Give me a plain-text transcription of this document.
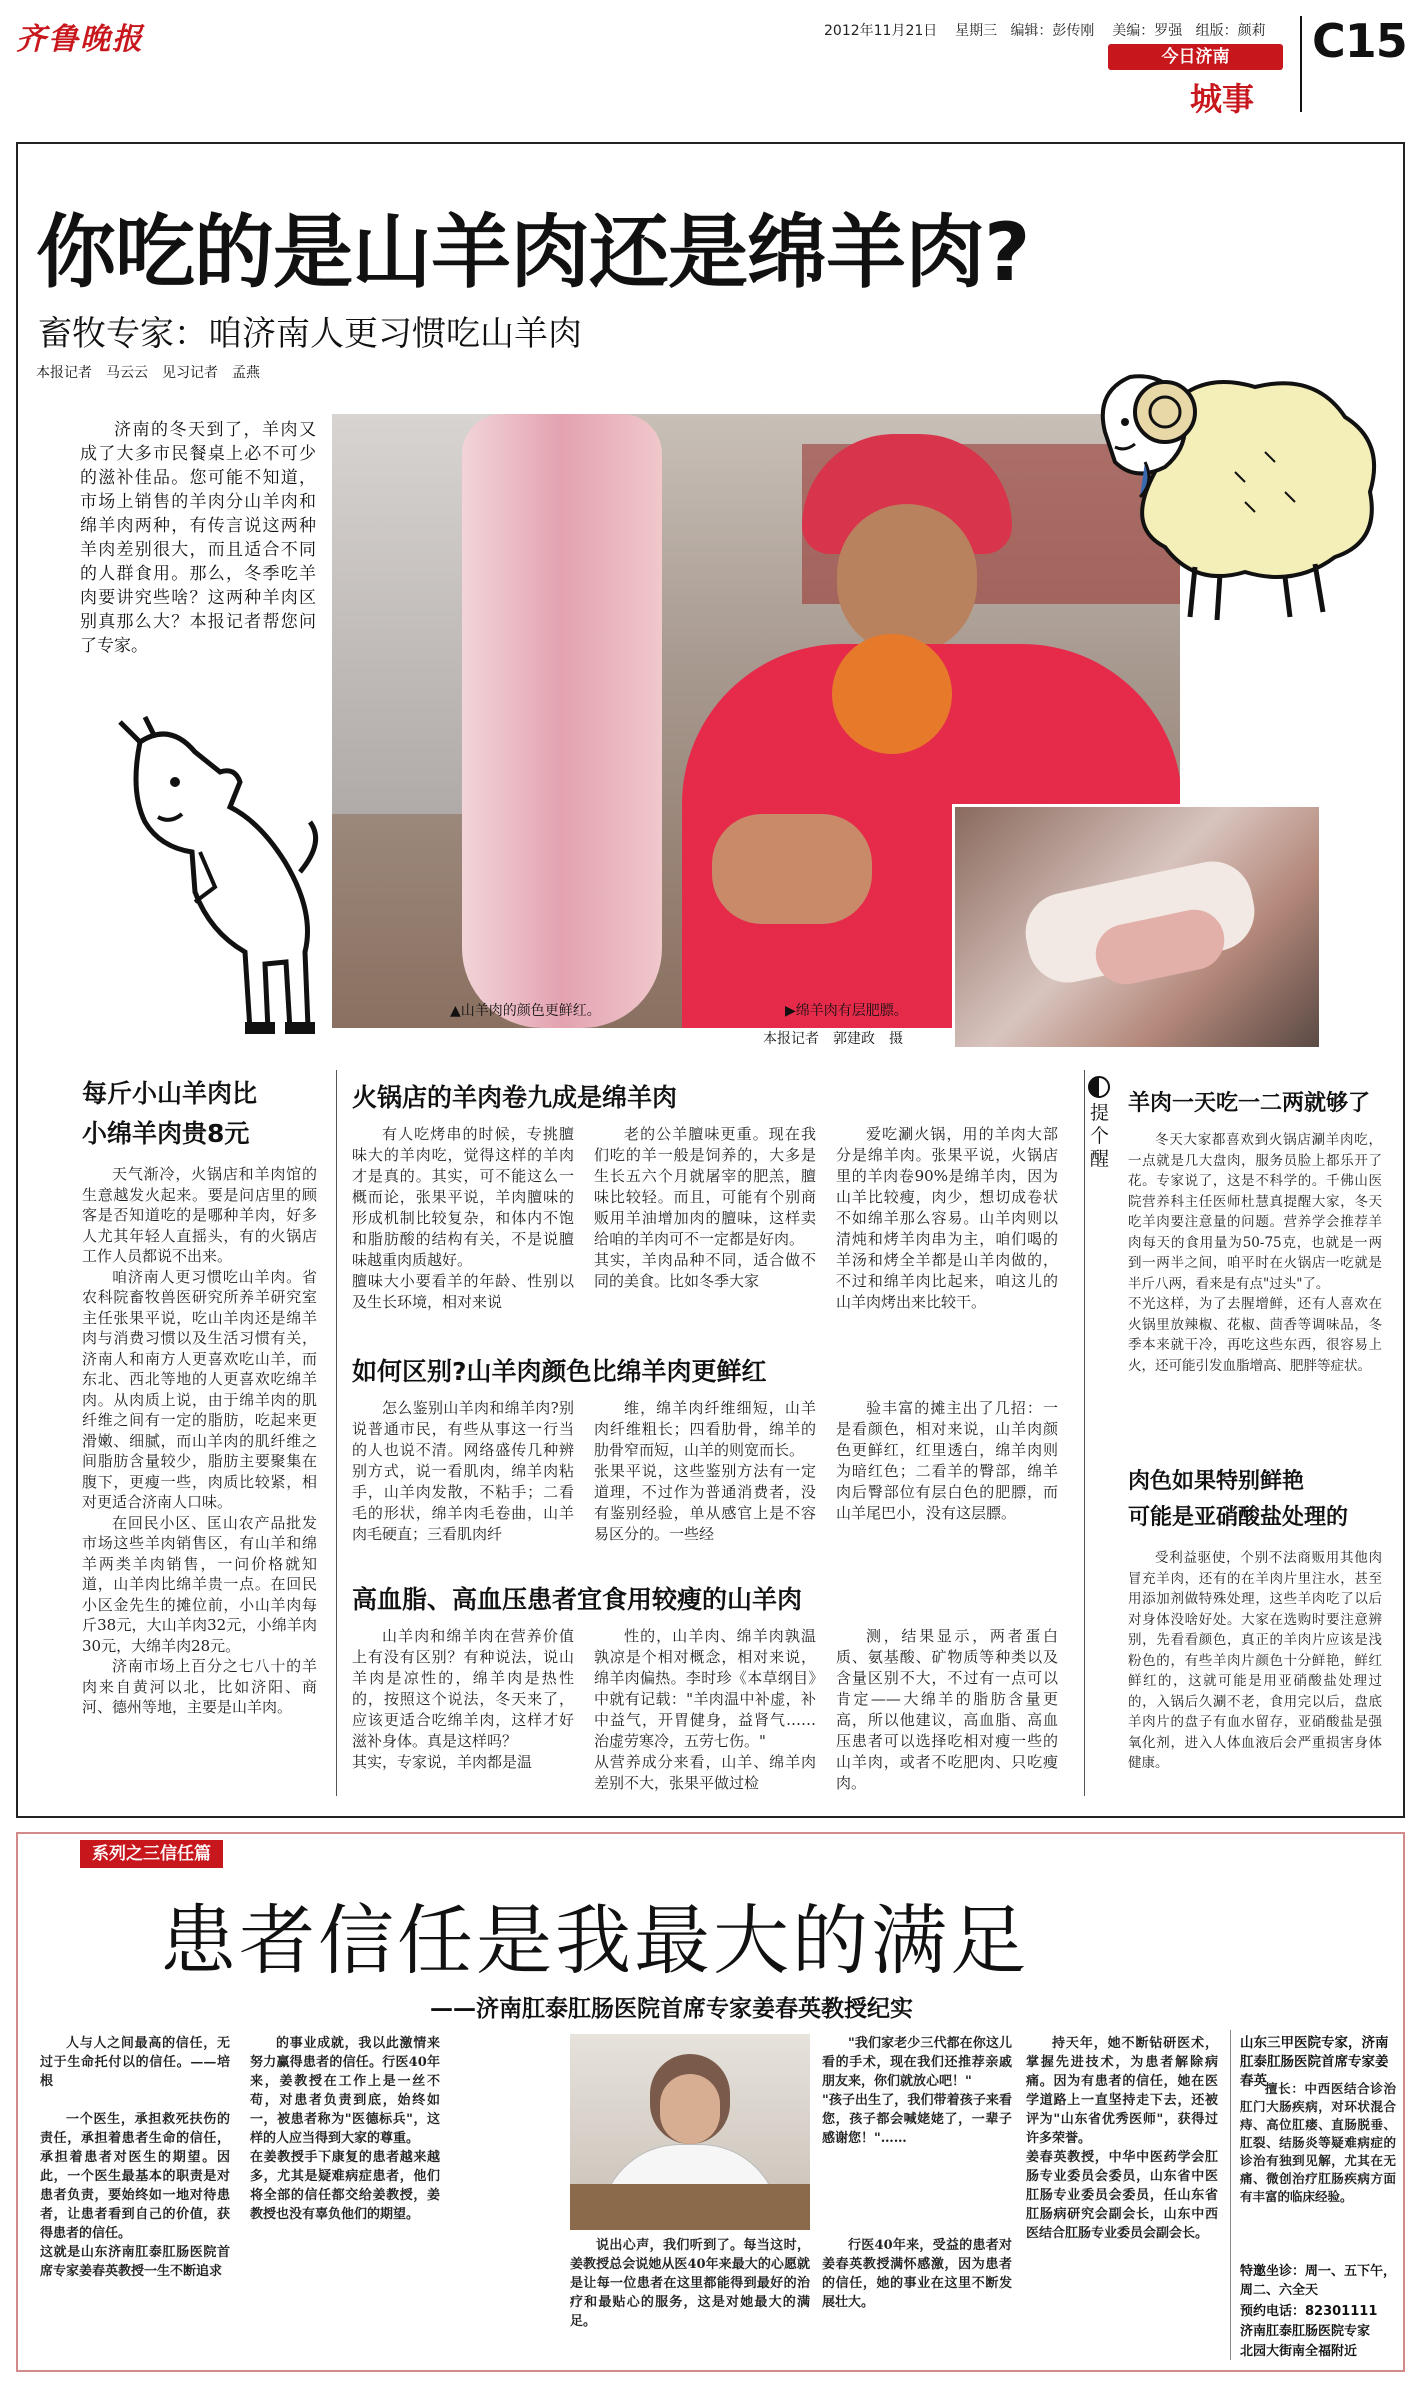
齐鲁晚报	2012年11月21日 星期三 编辑：彭传刚 美编：罗强 组版：颜莉
今日济南
城事
C15
你吃的是山羊肉还是绵羊肉?
畜牧专家：咱济南人更习惯吃山羊肉
本报记者　马云云　见习记者　孟燕

济南的冬天到了，羊肉又成了大多市民餐桌上必不可少的滋补佳品。您可能不知道，市场上销售的羊肉分山羊肉和绵羊肉两种，有传言说这两种羊肉差别很大，而且适合不同的人群食用。那么，冬季吃羊肉要讲究些啥？这两种羊肉区别真那么大？本报记者帮您问了专家。

▲山羊肉的颜色更鲜红。	▶绵羊肉有层肥膘。
本报记者　郭建政　摄
每斤小山羊肉比
小绵羊肉贵8元

天气渐冷，火锅店和羊肉馆的生意越发火起来。要是问店里的顾客是否知道吃的是哪种羊肉，好多人尤其年轻人直摇头，有的火锅店工作人员都说不出来。

咱济南人更习惯吃山羊肉。省农科院畜牧兽医研究所养羊研究室主任张果平说，吃山羊肉还是绵羊肉与消费习惯以及生活习惯有关，济南人和南方人更喜欢吃山羊，而东北、西北等地的人更喜欢吃绵羊肉。从肉质上说，由于绵羊肉的肌纤维之间有一定的脂肪，吃起来更滑嫩、细腻，而山羊肉的肌纤维之间脂肪含量较少，脂肪主要聚集在腹下，更瘦一些，肉质比较紧，相对更适合济南人口味。

在回民小区、匡山农产品批发市场这些羊肉销售区，有山羊和绵羊两类羊肉销售，一问价格就知道，山羊肉比绵羊贵一点。在回民小区金先生的摊位前，小山羊肉每斤38元，大山羊肉32元，小绵羊肉30元，大绵羊肉28元。

济南市场上百分之七八十的羊肉来自黄河以北，比如济阳、商河、德州等地，主要是山羊肉。

火锅店的羊肉卷九成是绵羊肉

有人吃烤串的时候，专挑膻味大的羊肉吃，觉得这样的羊肉才是真的。其实，可不能这么一概而论，张果平说，羊肉膻味的形成机制比较复杂，和体内不饱和脂肪酸的结构有关，不是说膻味越重肉质越好。
膻味大小要看羊的年龄、性别以及生长环境，相对来说

老的公羊膻味更重。现在我们吃的羊一般是饲养的，大多是生长五六个月就屠宰的肥羔，膻味比较轻。而且，可能有个别商贩用羊油增加肉的膻味，这样卖给咱的羊肉可不一定都是好肉。
其实，羊肉品种不同，适合做不同的美食。比如冬季大家

爱吃涮火锅，用的羊肉大部分是绵羊肉。张果平说，火锅店里的羊肉卷90%是绵羊肉，因为山羊比较瘦，肉少，想切成卷状不如绵羊那么容易。山羊肉则以清炖和烤羊肉串为主，咱们喝的羊汤和烤全羊都是山羊肉做的，不过和绵羊肉比起来，咱这儿的山羊肉烤出来比较干。

如何区别?山羊肉颜色比绵羊肉更鲜红

怎么鉴别山羊肉和绵羊肉?别说普通市民，有些从事这一行当的人也说不清。网络盛传几种辨别方式，说一看肌肉，绵羊肉粘手，山羊肉发散，不粘手；二看毛的形状，绵羊肉毛卷曲，山羊肉毛硬直；三看肌肉纤

维，绵羊肉纤维细短，山羊肉纤维粗长；四看肋骨，绵羊的肋骨窄而短，山羊的则宽而长。
张果平说，这些鉴别方法有一定道理，不过作为普通消费者，没有鉴别经验，单从感官上是不容易区分的。一些经

验丰富的摊主出了几招：一是看颜色，相对来说，山羊肉颜色更鲜红，红里透白，绵羊肉则为暗红色；二看羊的臀部，绵羊肉后臀部位有层白色的肥膘，而山羊尾巴小，没有这层膘。

高血脂、高血压患者宜食用较瘦的山羊肉

山羊肉和绵羊肉在营养价值上有没有区别？有种说法，说山羊肉是凉性的，绵羊肉是热性的，按照这个说法，冬天来了，应该更适合吃绵羊肉，这样才好滋补身体。真是这样吗？
其实，专家说，羊肉都是温

性的，山羊肉、绵羊肉孰温孰凉是个相对概念，相对来说，绵羊肉偏热。李时珍《本草纲目》中就有记载："羊肉温中补虚，补中益气，开胃健身，益肾气……治虚劳寒冷，五劳七伤。"
从营养成分来看，山羊、绵羊肉差别不大，张果平做过检

测，结果显示，两者蛋白质、氨基酸、矿物质等种类以及含量区别不大，不过有一点可以肯定——大绵羊的脂肪含量更高，所以他建议，高血脂、高血压患者可以选择吃相对瘦一些的山羊肉，或者不吃肥肉、只吃瘦肉。

提个醒
羊肉一天吃一二两就够了

冬天大家都喜欢到火锅店涮羊肉吃，一点就是几大盘肉，服务员脸上都乐开了花。专家说了，这是不科学的。千佛山医院营养科主任医师杜慧真提醒大家，冬天吃羊肉要注意量的问题。营养学会推荐羊肉每天的食用量为50-75克，也就是一两到一两半之间，咱平时在火锅店一吃就是半斤八两，看来是有点"过头"了。
不光这样，为了去腥增鲜，还有人喜欢在火锅里放辣椒、花椒、茴香等调味品，冬季本来就干冷，再吃这些东西，很容易上火，还可能引发血脂增高、肥胖等症状。

肉色如果特别鲜艳
可能是亚硝酸盐处理的

受利益驱使，个别不法商贩用其他肉冒充羊肉，还有的在羊肉片里注水，甚至用添加剂做特殊处理，这些羊肉吃了以后对身体没啥好处。大家在选购时要注意辨别，先看看颜色，真正的羊肉片应该是浅粉色的，有些羊肉片颜色十分鲜艳，鲜红鲜红的，这就可能是用亚硝酸盐处理过的，入锅后久涮不老，食用完以后，盘底羊肉片的盘子有血水留存，亚硝酸盐是强氧化剂，进入人体血液后会严重损害身体健康。

系列之三信任篇
患者信任是我最大的满足
——济南肛泰肛肠医院首席专家姜春英教授纪实

人与人之间最高的信任，无过于生命托付以的信任。——培根

一个医生，承担救死扶伤的责任，承担着患者生命的信任，承担着患者对医生的期望。因此，一个医生最基本的职责是对患者负责，要始终如一地对待患者，让患者看到自己的价值，获得患者的信任。
这就是山东济南肛泰肛肠医院首席专家姜春英教授一生不断追求

的事业成就，我以此激情来努力赢得患者的信任。行医40年来，姜教授在工作上是一丝不苟，对患者负责到底，始终如一，被患者称为"医德标兵"，这样的人应当得到大家的尊重。
在姜教授手下康复的患者越来越多，尤其是疑难病症患者，他们将全部的信任都交给姜教授，姜教授也没有辜负他们的期望。

说出心声，我们听到了。每当这时，姜教授总会说她从医40年来最大的心愿就是让每一位患者在这里都能得到最好的治疗和最贴心的服务，这是对她最大的满足。

"我们家老少三代都在你这儿看的手术，现在我们还推荐亲戚朋友来，你们就放心吧！"
"孩子出生了，我们带着孩子来看您，孩子都会喊姥姥了，一辈子感谢您！"……

行医40年来，受益的患者对姜春英教授满怀感激，因为患者的信任，她的事业在这里不断发展壮大。

持天年，她不断钻研医术，掌握先进技术，为患者解除病痛。因为有患者的信任，她在医学道路上一直坚持走下去，还被评为"山东省优秀医师"，获得过许多荣誉。
姜春英教授，中华中医药学会肛肠专业委员会委员，山东省中医肛肠专业委员会委员，任山东省肛肠病研究会副会长，山东中西医结合肛肠专业委员会副会长。

山东三甲医院专家，济南肛泰肛肠医院首席专家姜春英

擅长：中西医结合诊治肛门大肠疾病，对环状混合痔、高位肛瘘、直肠脱垂、肛裂、结肠炎等疑难病症的诊治有独到见解，尤其在无痛、微创治疗肛肠疾病方面有丰富的临床经验。

特邀坐诊：周一、五下午，周二、六全天
预约电话：82301111
济南肛泰肛肠医院专家
北园大街南全福附近
